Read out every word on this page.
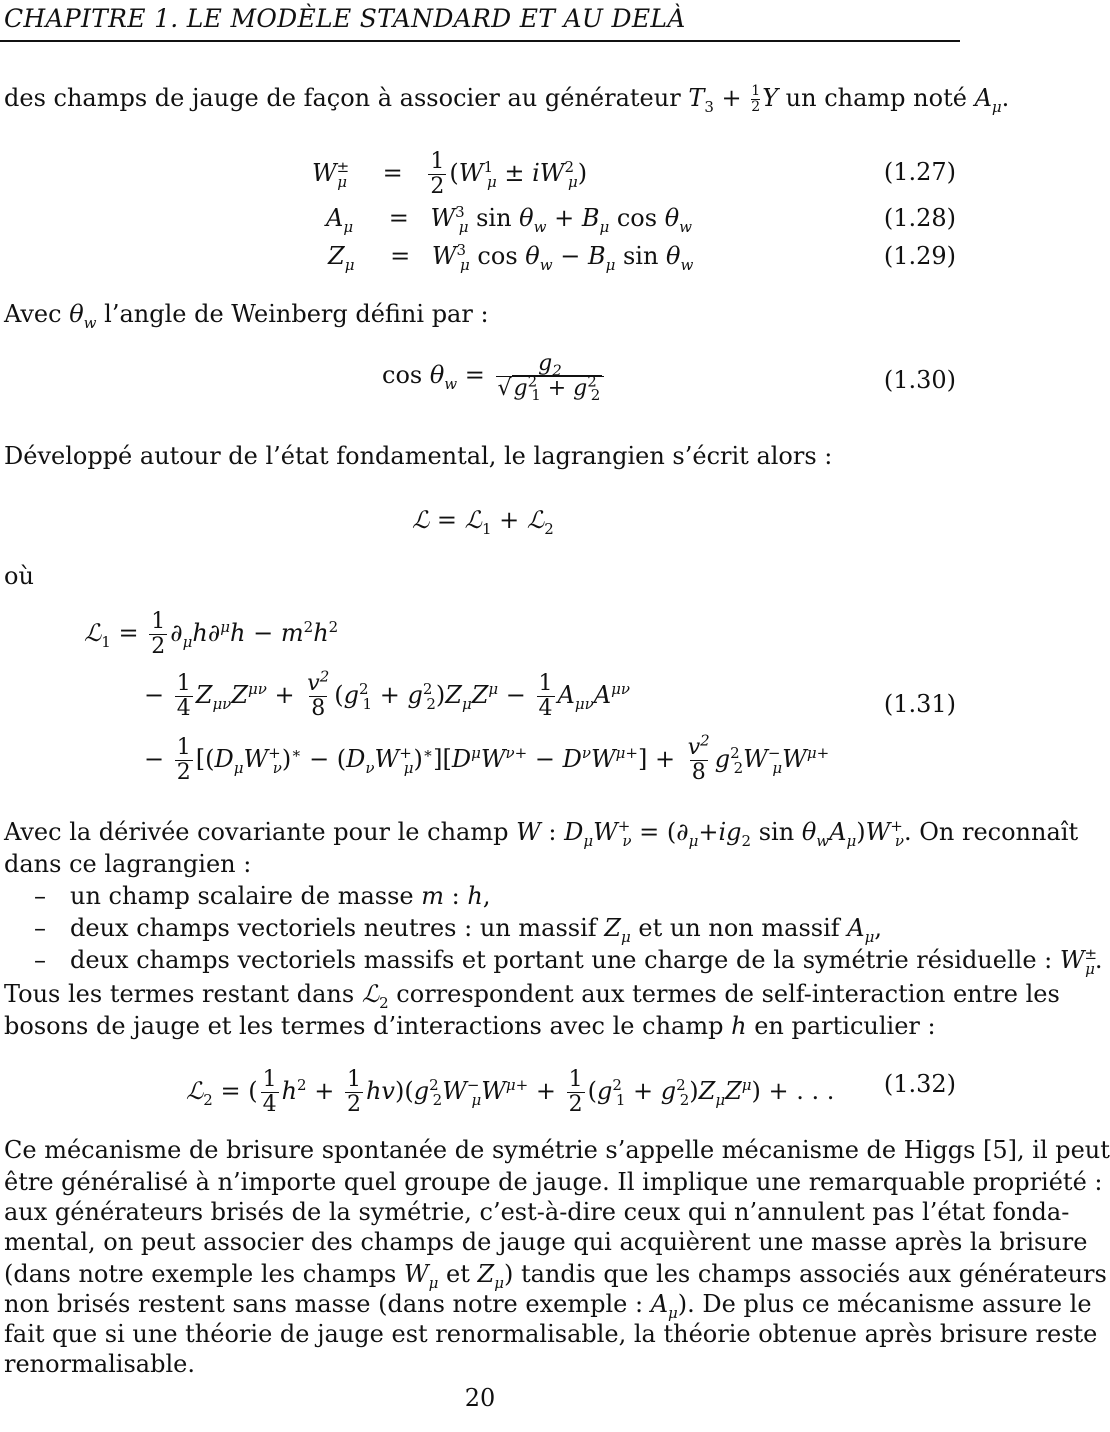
CHAPITRE 1. LE MODÈLE STANDARD ET AU DELÀ
des champs de jauge de façon à associer au générateur $T_3 + \frac{1}{2}$ Y un champ noté $A_\mu$.
$W^\pm_\mu = \frac{1}{2} (W^1_\mu \pm iW^2_\mu)$	(1.27)
$A_\mu = W^3_\mu$ $\sin \theta_w + B_\mu$ $\cos \theta_w$	(1.28)
$Z_\mu = W^3_\mu$ $\cos \theta_w - B_\mu$ $\sin \theta_w$	(1.29)
Avec $\theta_w$ l’angle de Weinberg défini par :
$\cos \theta_w = \frac{g_2}{√g^2_1 + g^2_2}$	(1.30)
Développé autour de l’état fondamental, le lagrangien s’écrit alors :
ℒ = ℒ$_1$ + ℒ$_2$
où
ℒ$_1$ = $\frac{1}{2} \partial_\mu h\partial^\mu h - m^2h^2$
− $\frac{1}{4} Z_{\mu\nu}Z^{\mu\nu} + \frac{v^2}{8} (g^2_1 + g^2_2)Z_\mu Z^\mu - \frac{1}{4} A_{\mu\nu}A^{\mu\nu}$
(1.31)
− $\frac{1}{2} [(D_\mu W^+_\nu)^∗ - (D_\nu W^+_\mu)^∗][D^\mu W^{\nu+} - D^\nu W^{\mu+}] + \frac{v^2}{8} g^2_2W^-_\mu W^{\mu+}$
Avec la dérivée covariante pour le champ W : $D_\mu W^+_\nu = (\partial_\mu+ig_2$ $\sin \theta_wA_\mu)W^+_\nu$. On reconnaît
dans ce lagrangien :
– un champ scalaire de masse m : h,
– deux champs vectoriels neutres : un massif $Z_\mu$ et un non massif $A_\mu$,
– deux champs vectoriels massifs et portant une charge de la symétrie résiduelle : $W^\pm_\mu$.
Tous les termes restant dans ℒ$_2$ correspondent aux termes de self-interaction entre les
bosons de jauge et les termes d’interactions avec le champ h en particulier :
ℒ$_2$ = ( $\frac{1}{4} h^2 + \frac{1}{2} hv)(g^2_2W^-_\mu W^{\mu+} + \frac{1}{2} (g^2_1 + g^2_2)Z_\mu Z^\mu)$ + . . . (1.32)
Ce mécanisme de brisure spontanée de symétrie s’appelle mécanisme de Higgs [5], il peut
être généralisé à n’importe quel groupe de jauge. Il implique une remarquable propriété :
aux générateurs brisés de la symétrie, c’est-à-dire ceux qui n’annulent pas l’état fonda-
mental, on peut associer des champs de jauge qui acquièrent une masse après la brisure
(dans notre exemple les champs $W_\mu$ et $Z_\mu$) tandis que les champs associés aux générateurs
non brisés restent sans masse (dans notre exemple : $A_\mu$). De plus ce mécanisme assure le
fait que si une théorie de jauge est renormalisable, la théorie obtenue après brisure reste
renormalisable.
20
